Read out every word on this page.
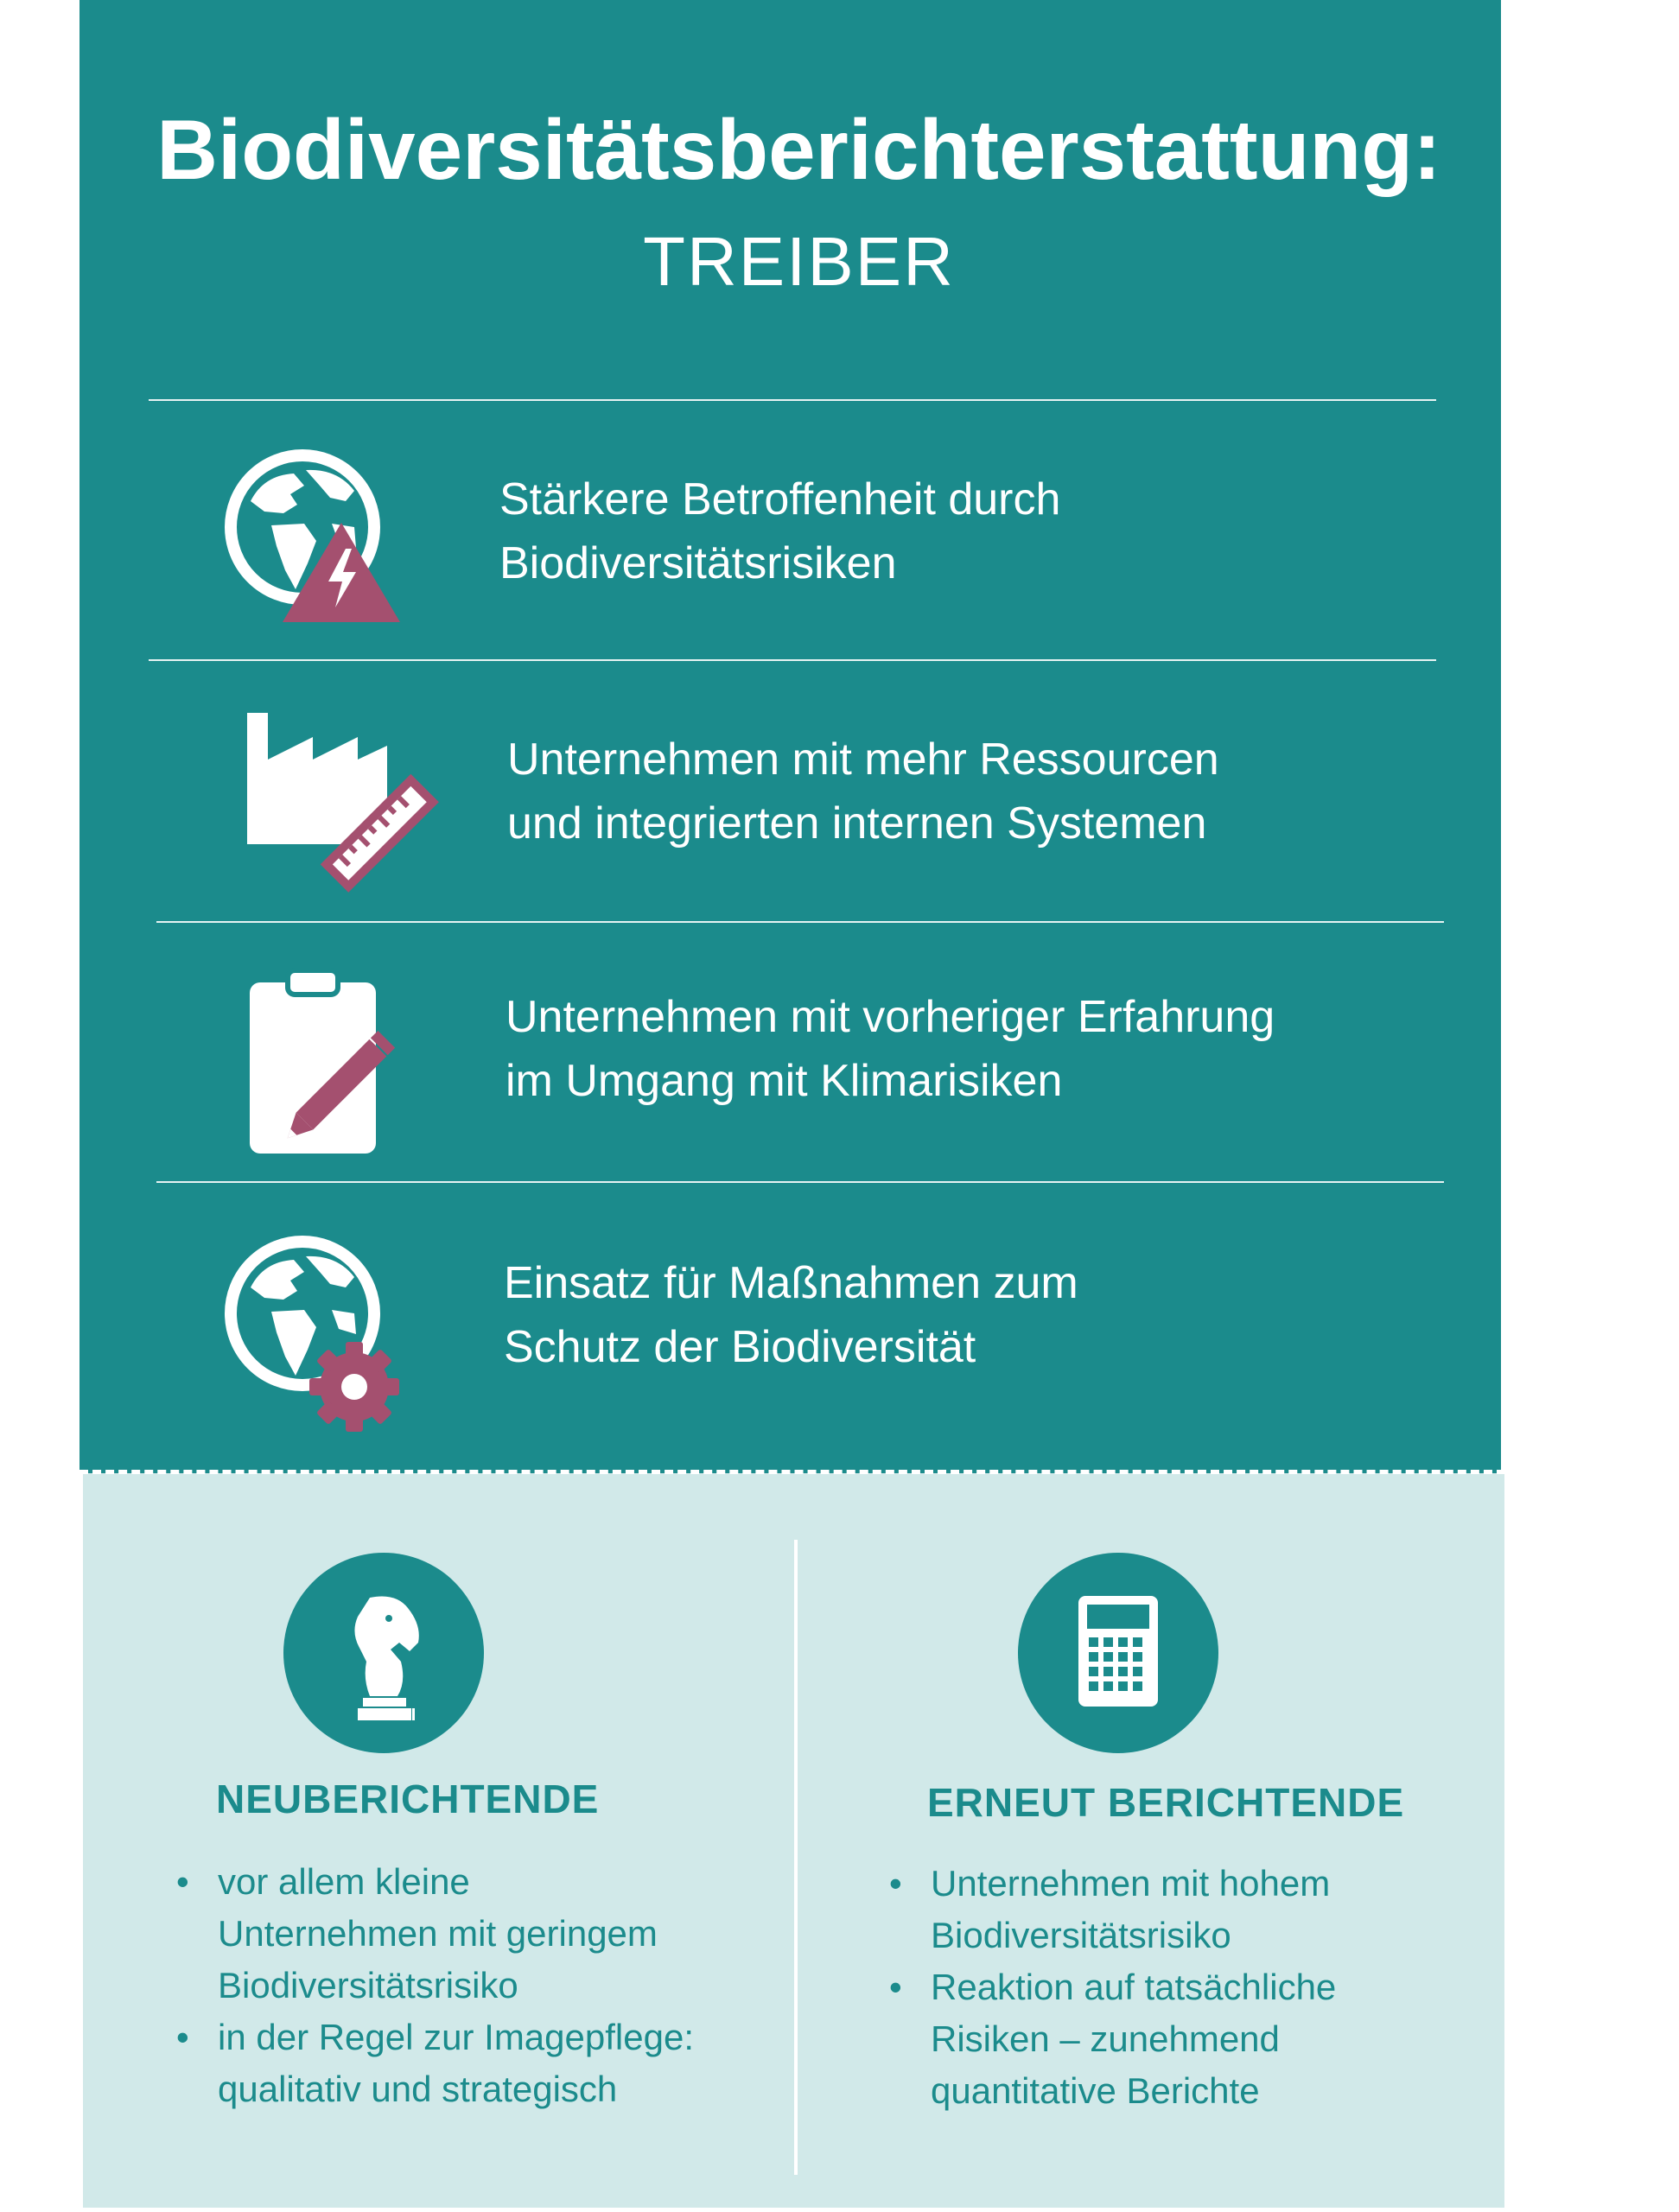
Biodiversitätsberichterstattung:
TREIBER
Stärkere Betroffenheit durch
Biodiversitätsrisiken
Unternehmen mit mehr Ressourcen
und integrierten internen Systemen
Unternehmen mit vorheriger Erfahrung
im Umgang mit Klimarisiken
Einsatz für Maßnahmen zum
Schutz der Biodiversität
NEUBERICHTENDE
• vor allem kleine
Unternehmen mit geringem
Biodiversitätsrisiko
• in der Regel zur Imagepflege:
qualitativ und strategisch
ERNEUT BERICHTENDE
• Unternehmen mit hohem
Biodiversitätsrisiko
• Reaktion auf tatsächliche
Risiken – zunehmend
quantitative Berichte
